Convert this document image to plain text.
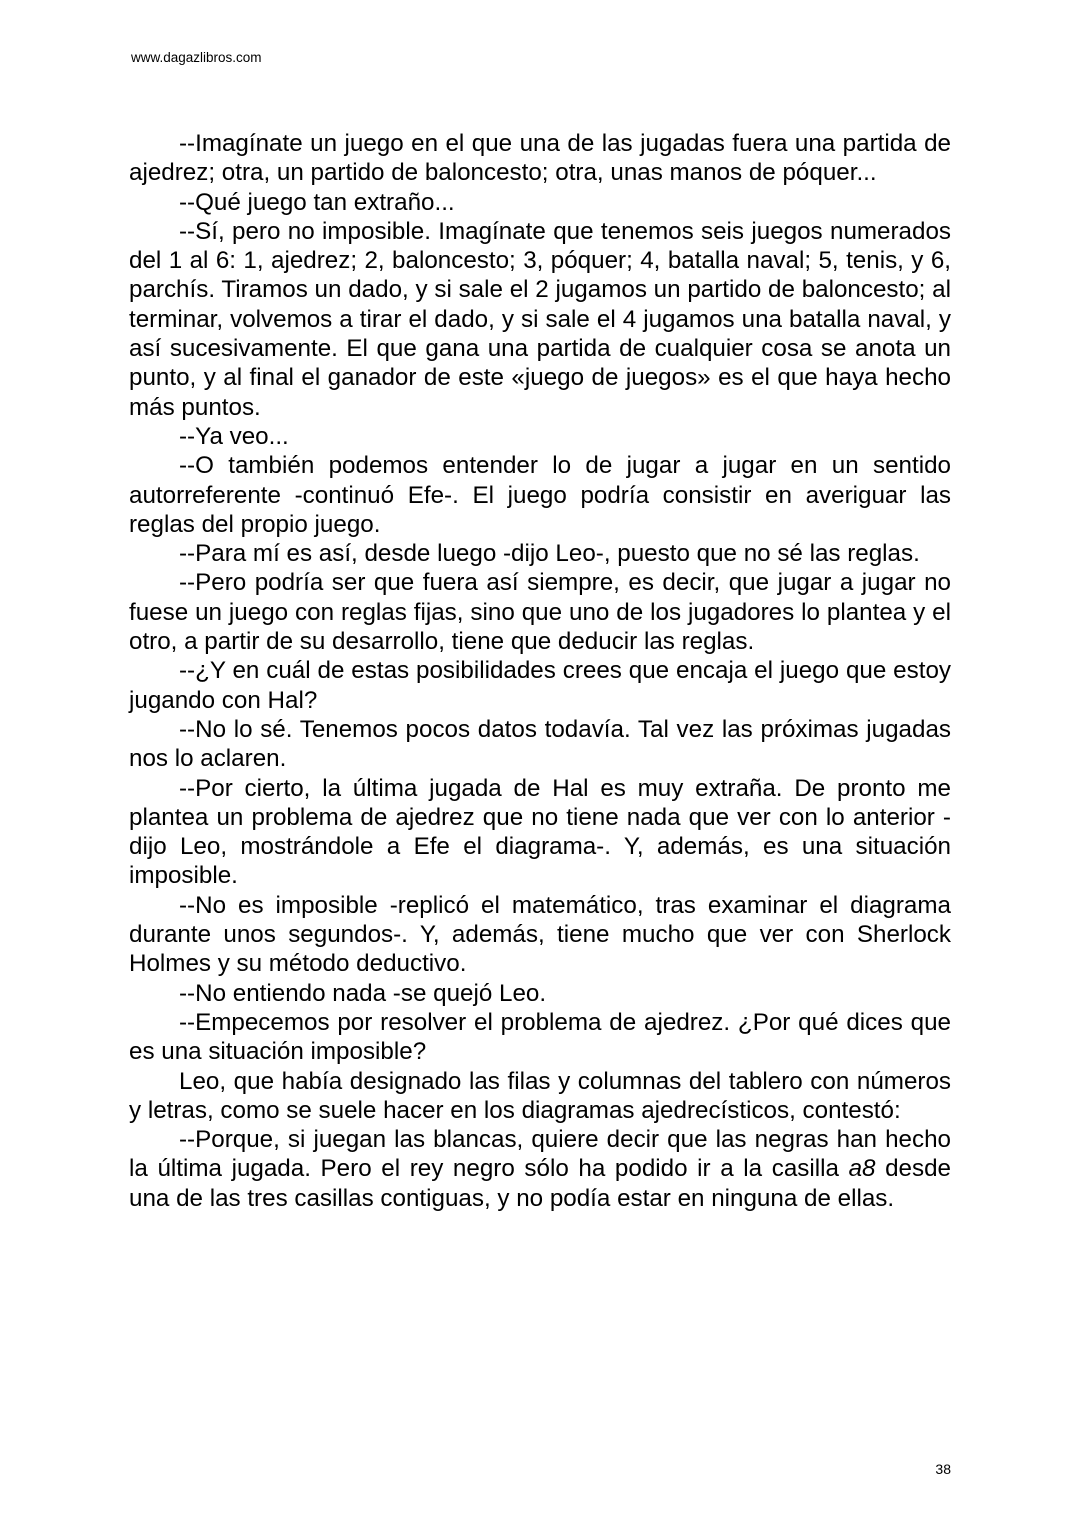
www.dagazlibros.com

--Imagínate un juego en el que una de las jugadas fuera una partida de ajedrez; otra, un partido de baloncesto; otra, unas manos de póquer...

--Qué juego tan extraño...

--Sí, pero no imposible. Imagínate que tenemos seis juegos numerados del 1 al 6: 1, ajedrez; 2, baloncesto; 3, póquer; 4, batalla naval; 5, tenis, y 6, parchís. Tiramos un dado, y si sale el 2 jugamos un partido de baloncesto; al terminar, volvemos a tirar el dado, y si sale el 4 jugamos una batalla naval, y así sucesivamente. El que gana una partida de cualquier cosa se anota un punto, y al final el ganador de este «juego de juegos» es el que haya hecho más puntos.

--Ya veo...

--O también podemos entender lo de jugar a jugar en un sentido autorreferente -continuó Efe-. El juego podría consistir en averiguar las reglas del propio juego.

--Para mí es así, desde luego -dijo Leo-, puesto que no sé las reglas.

--Pero podría ser que fuera así siempre, es decir, que jugar a jugar no fuese un juego con reglas fijas, sino que uno de los jugadores lo plantea y el otro, a partir de su desarrollo, tiene que deducir las reglas.

--¿Y en cuál de estas posibilidades crees que encaja el juego que estoy jugando con Hal?

--No lo sé. Tenemos pocos datos todavía. Tal vez las próximas jugadas nos lo aclaren.

--Por cierto, la última jugada de Hal es muy extraña. De pronto me plantea un problema de ajedrez que no tiene nada que ver con lo anterior -dijo Leo, mostrándole a Efe el diagrama-. Y, además, es una situación imposible.

--No es imposible -replicó el matemático, tras examinar el diagrama durante unos segundos-. Y, además, tiene mucho que ver con Sherlock Holmes y su método deductivo.

--No entiendo nada -se quejó Leo.

--Empecemos por resolver el problema de ajedrez. ¿Por qué dices que es una situación imposible?

Leo, que había designado las filas y columnas del tablero con números y letras, como se suele hacer en los diagramas ajedrecísticos, contestó:

--Porque, si juegan las blancas, quiere decir que las negras han hecho la última jugada. Pero el rey negro sólo ha podido ir a la casilla a8 desde una de las tres casillas contiguas, y no podía estar en ninguna de ellas.

38
